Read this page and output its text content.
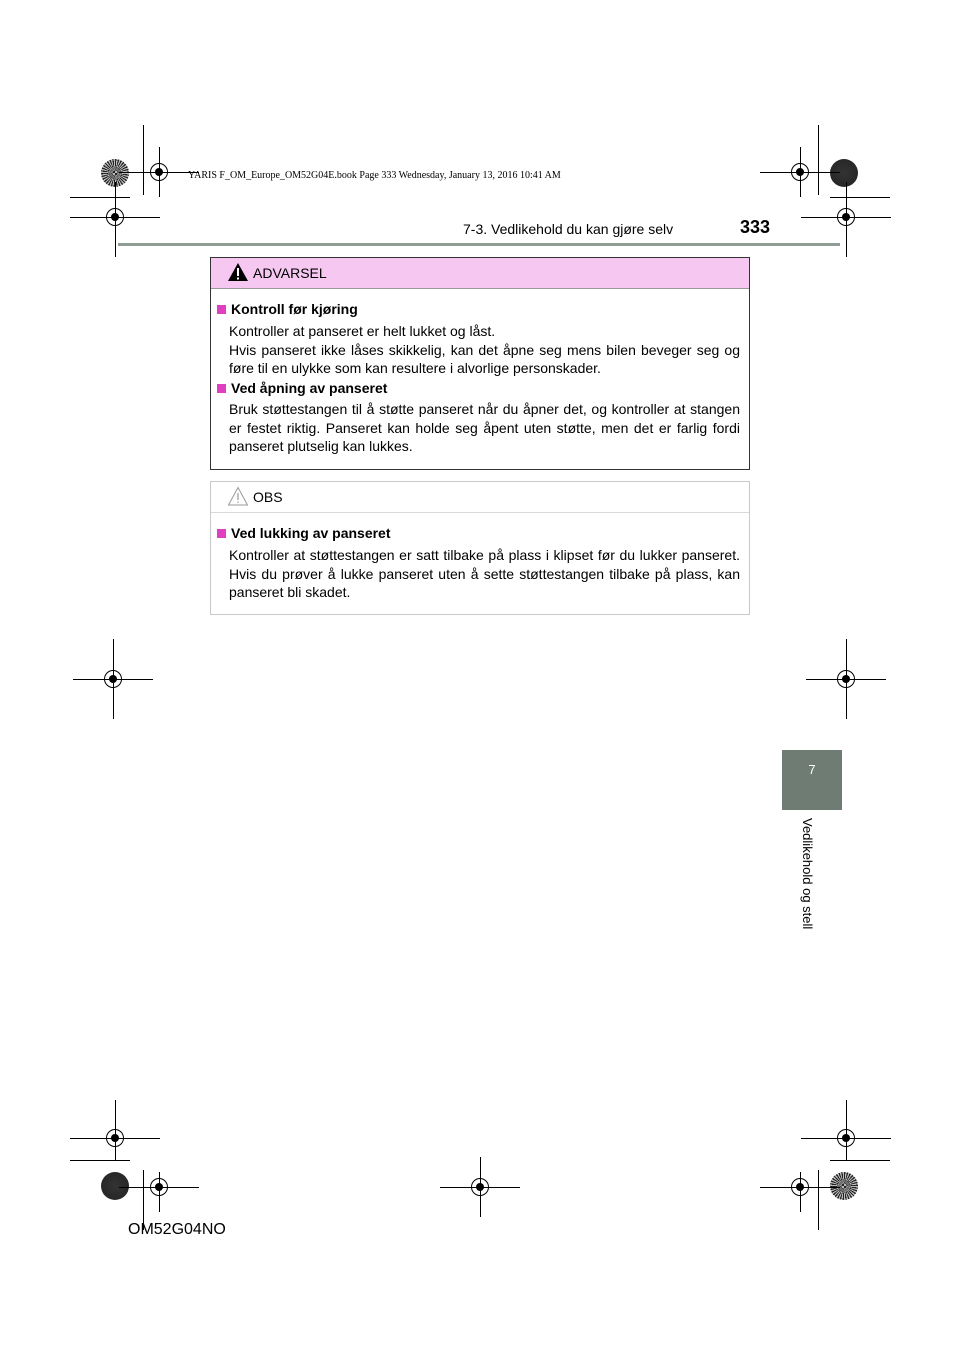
YARIS F_OM_Europe_OM52G04E.book Page 333 Wednesday, January 13, 2016 10:41 AM
7-3. Vedlikehold du kan gjøre selv	333
7
Vedlikehold og stell
ADVARSEL
Kontroll før kjøring
Kontroller at panseret er helt lukket og låst.
Hvis panseret ikke låses skikkelig, kan det åpne seg mens bilen beveger seg og føre til en ulykke som kan resultere i alvorlige personskader.
Ved åpning av panseret
Bruk støttestangen til å støtte panseret når du åpner det, og kontroller at stangen er festet riktig. Panseret kan holde seg åpent uten støtte, men det er farlig fordi panseret plutselig kan lukkes.
OBS
Ved lukking av panseret
Kontroller at støttestangen er satt tilbake på plass i klipset før du lukker panseret. Hvis du prøver å lukke panseret uten å sette støttestangen tilbake på plass, kan panseret bli skadet.
OM52G04NO
